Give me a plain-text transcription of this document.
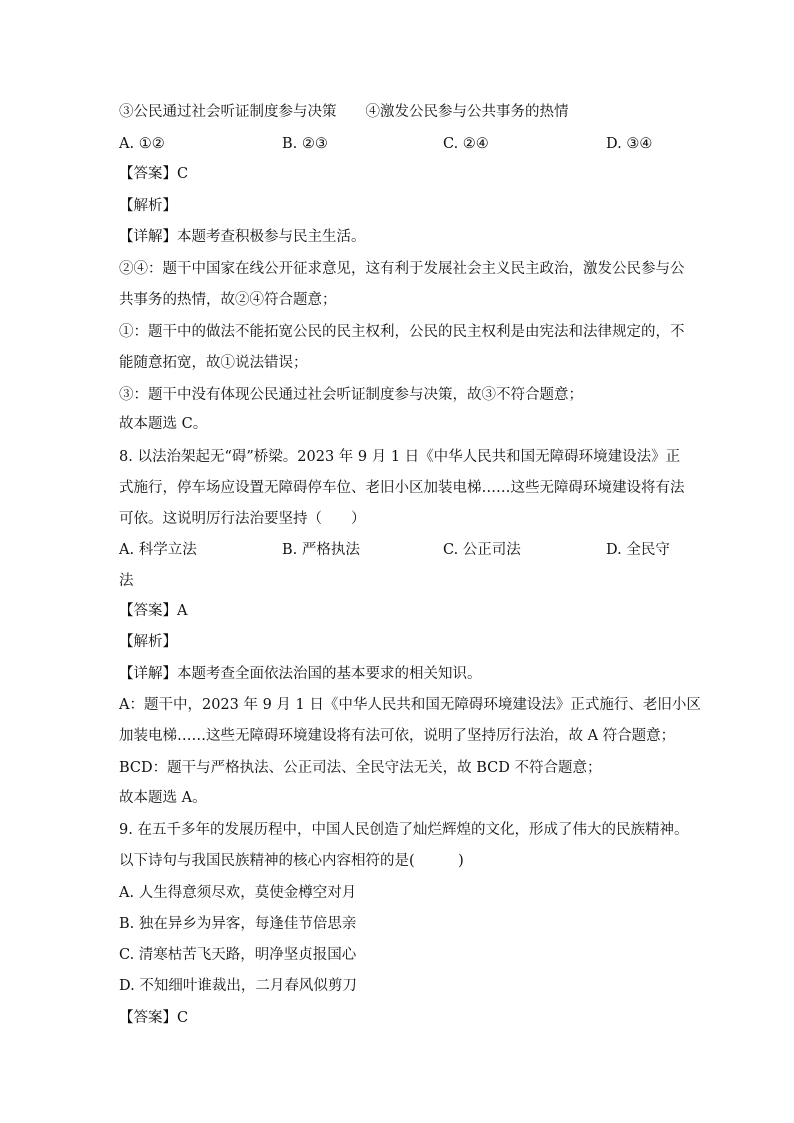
③公民通过社会听证制度参与决策　　④激发公民参与公共事务的热情
A. ①②	B. ②③	C. ②④	D. ③④
【答案】C
【解析】
【详解】本题考查积极参与民主生活。
②④：题干中国家在线公开征求意见，这有利于发展社会主义民主政治，激发公民参与公
共事务的热情，故②④符合题意；
①：题干中的做法不能拓宽公民的民主权利，公民的民主权利是由宪法和法律规定的，不
能随意拓宽，故①说法错误；
③：题干中没有体现公民通过社会听证制度参与决策，故③不符合题意；
故本题选 C。
8. 以法治架起无“碍”桥梁。2023 年 9 月 1 日《中华人民共和国无障碍环境建设法》正
式施行，停车场应设置无障碍停车位、老旧小区加装电梯……这些无障碍环境建设将有法
可依。这说明厉行法治要坚持（　　）
A. 科学立法	B. 严格执法	C. 公正司法	D. 全民守
法
【答案】A
【解析】
【详解】本题考查全面依法治国的基本要求的相关知识。
A：题干中，2023 年 9 月 1 日《中华人民共和国无障碍环境建设法》正式施行、老旧小区
加装电梯……这些无障碍环境建设将有法可依，说明了坚持厉行法治，故 A 符合题意；
BCD：题干与严格执法、公正司法、全民守法无关，故 BCD 不符合题意；
故本题选 A。
9. 在五千多年的发展历程中，中国人民创造了灿烂辉煌的文化，形成了伟大的民族精神。
以下诗句与我国民族精神的核心内容相符的是(　　　)
A. 人生得意须尽欢，莫使金樽空对月
B. 独在异乡为异客，每逢佳节倍思亲
C. 清寒枯苦飞天路，明净坚贞报国心
D. 不知细叶谁裁出，二月春风似剪刀
【答案】C
